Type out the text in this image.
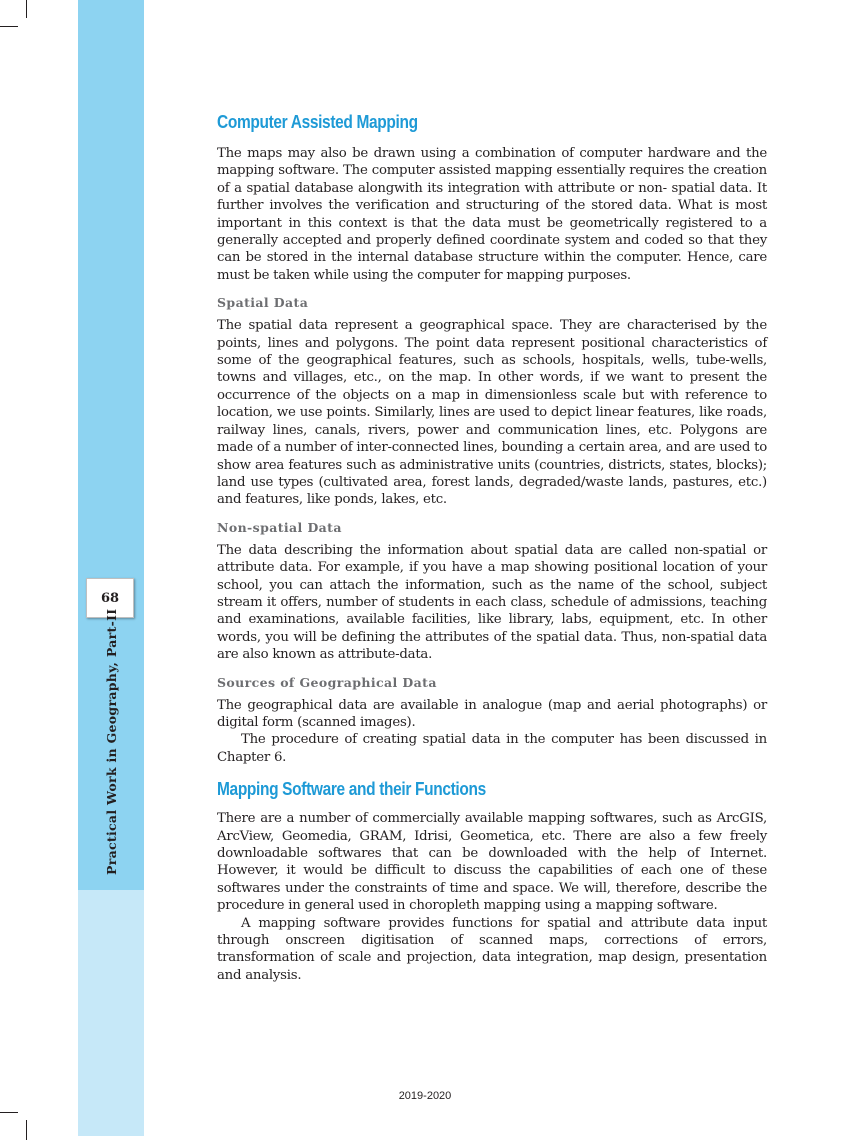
68
Practical Work in Geography, Part-II
Computer Assisted Mapping

The maps may also be drawn using a combination of computer hardware and the mapping software. The computer assisted mapping essentially requires the creation of a spatial database alongwith its integration with attribute or non- spatial data. It further involves the verification and structuring of the stored data. What is most important in this context is that the data must be geometrically registered to a generally accepted and properly defined coordinate system and coded so that they can be stored in the internal database structure within the computer. Hence, care must be taken while using the computer for mapping purposes.

Spatial Data

The spatial data represent a geographical space. They are characterised by the points, lines and polygons. The point data represent positional characteristics of some of the geographical features, such as schools, hospitals, wells, tube-wells, towns and villages, etc., on the map. In other words, if we want to present the occurrence of the objects on a map in dimensionless scale but with reference to location, we use points. Similarly, lines are used to depict linear features, like roads, railway lines, canals, rivers, power and communication lines, etc. Polygons are made of a number of inter-connected lines, bounding a certain area, and are used to show area features such as administrative units (countries, districts, states, blocks); land use types (cultivated area, forest lands, degraded/waste lands, pastures, etc.) and features, like ponds, lakes, etc.

Non-spatial Data

The data describing the information about spatial data are called non-spatial or attribute data. For example, if you have a map showing positional location of your school, you can attach the information, such as the name of the school, subject stream it offers, number of students in each class, schedule of admissions, teaching and examinations, available facilities, like library, labs, equipment, etc. In other words, you will be defining the attributes of the spatial data. Thus, non-spatial data are also known as attribute-data.

Sources of Geographical Data

The geographical data are available in analogue (map and aerial photographs) or digital form (scanned images).

The procedure of creating spatial data in the computer has been discussed in Chapter 6.

Mapping Software and their Functions

There are a number of commercially available mapping softwares, such as ArcGIS, ArcView, Geomedia, GRAM, Idrisi, Geometica, etc. There are also a few freely downloadable softwares that can be downloaded with the help of Internet. However, it would be difficult to discuss the capabilities of each one of these softwares under the constraints of time and space. We will, therefore, describe the procedure in general used in choropleth mapping using a mapping software.

A mapping software provides functions for spatial and attribute data input through onscreen digitisation of scanned maps, corrections of errors, transformation of scale and projection, data integration, map design, presentation and analysis.

2019-2020
